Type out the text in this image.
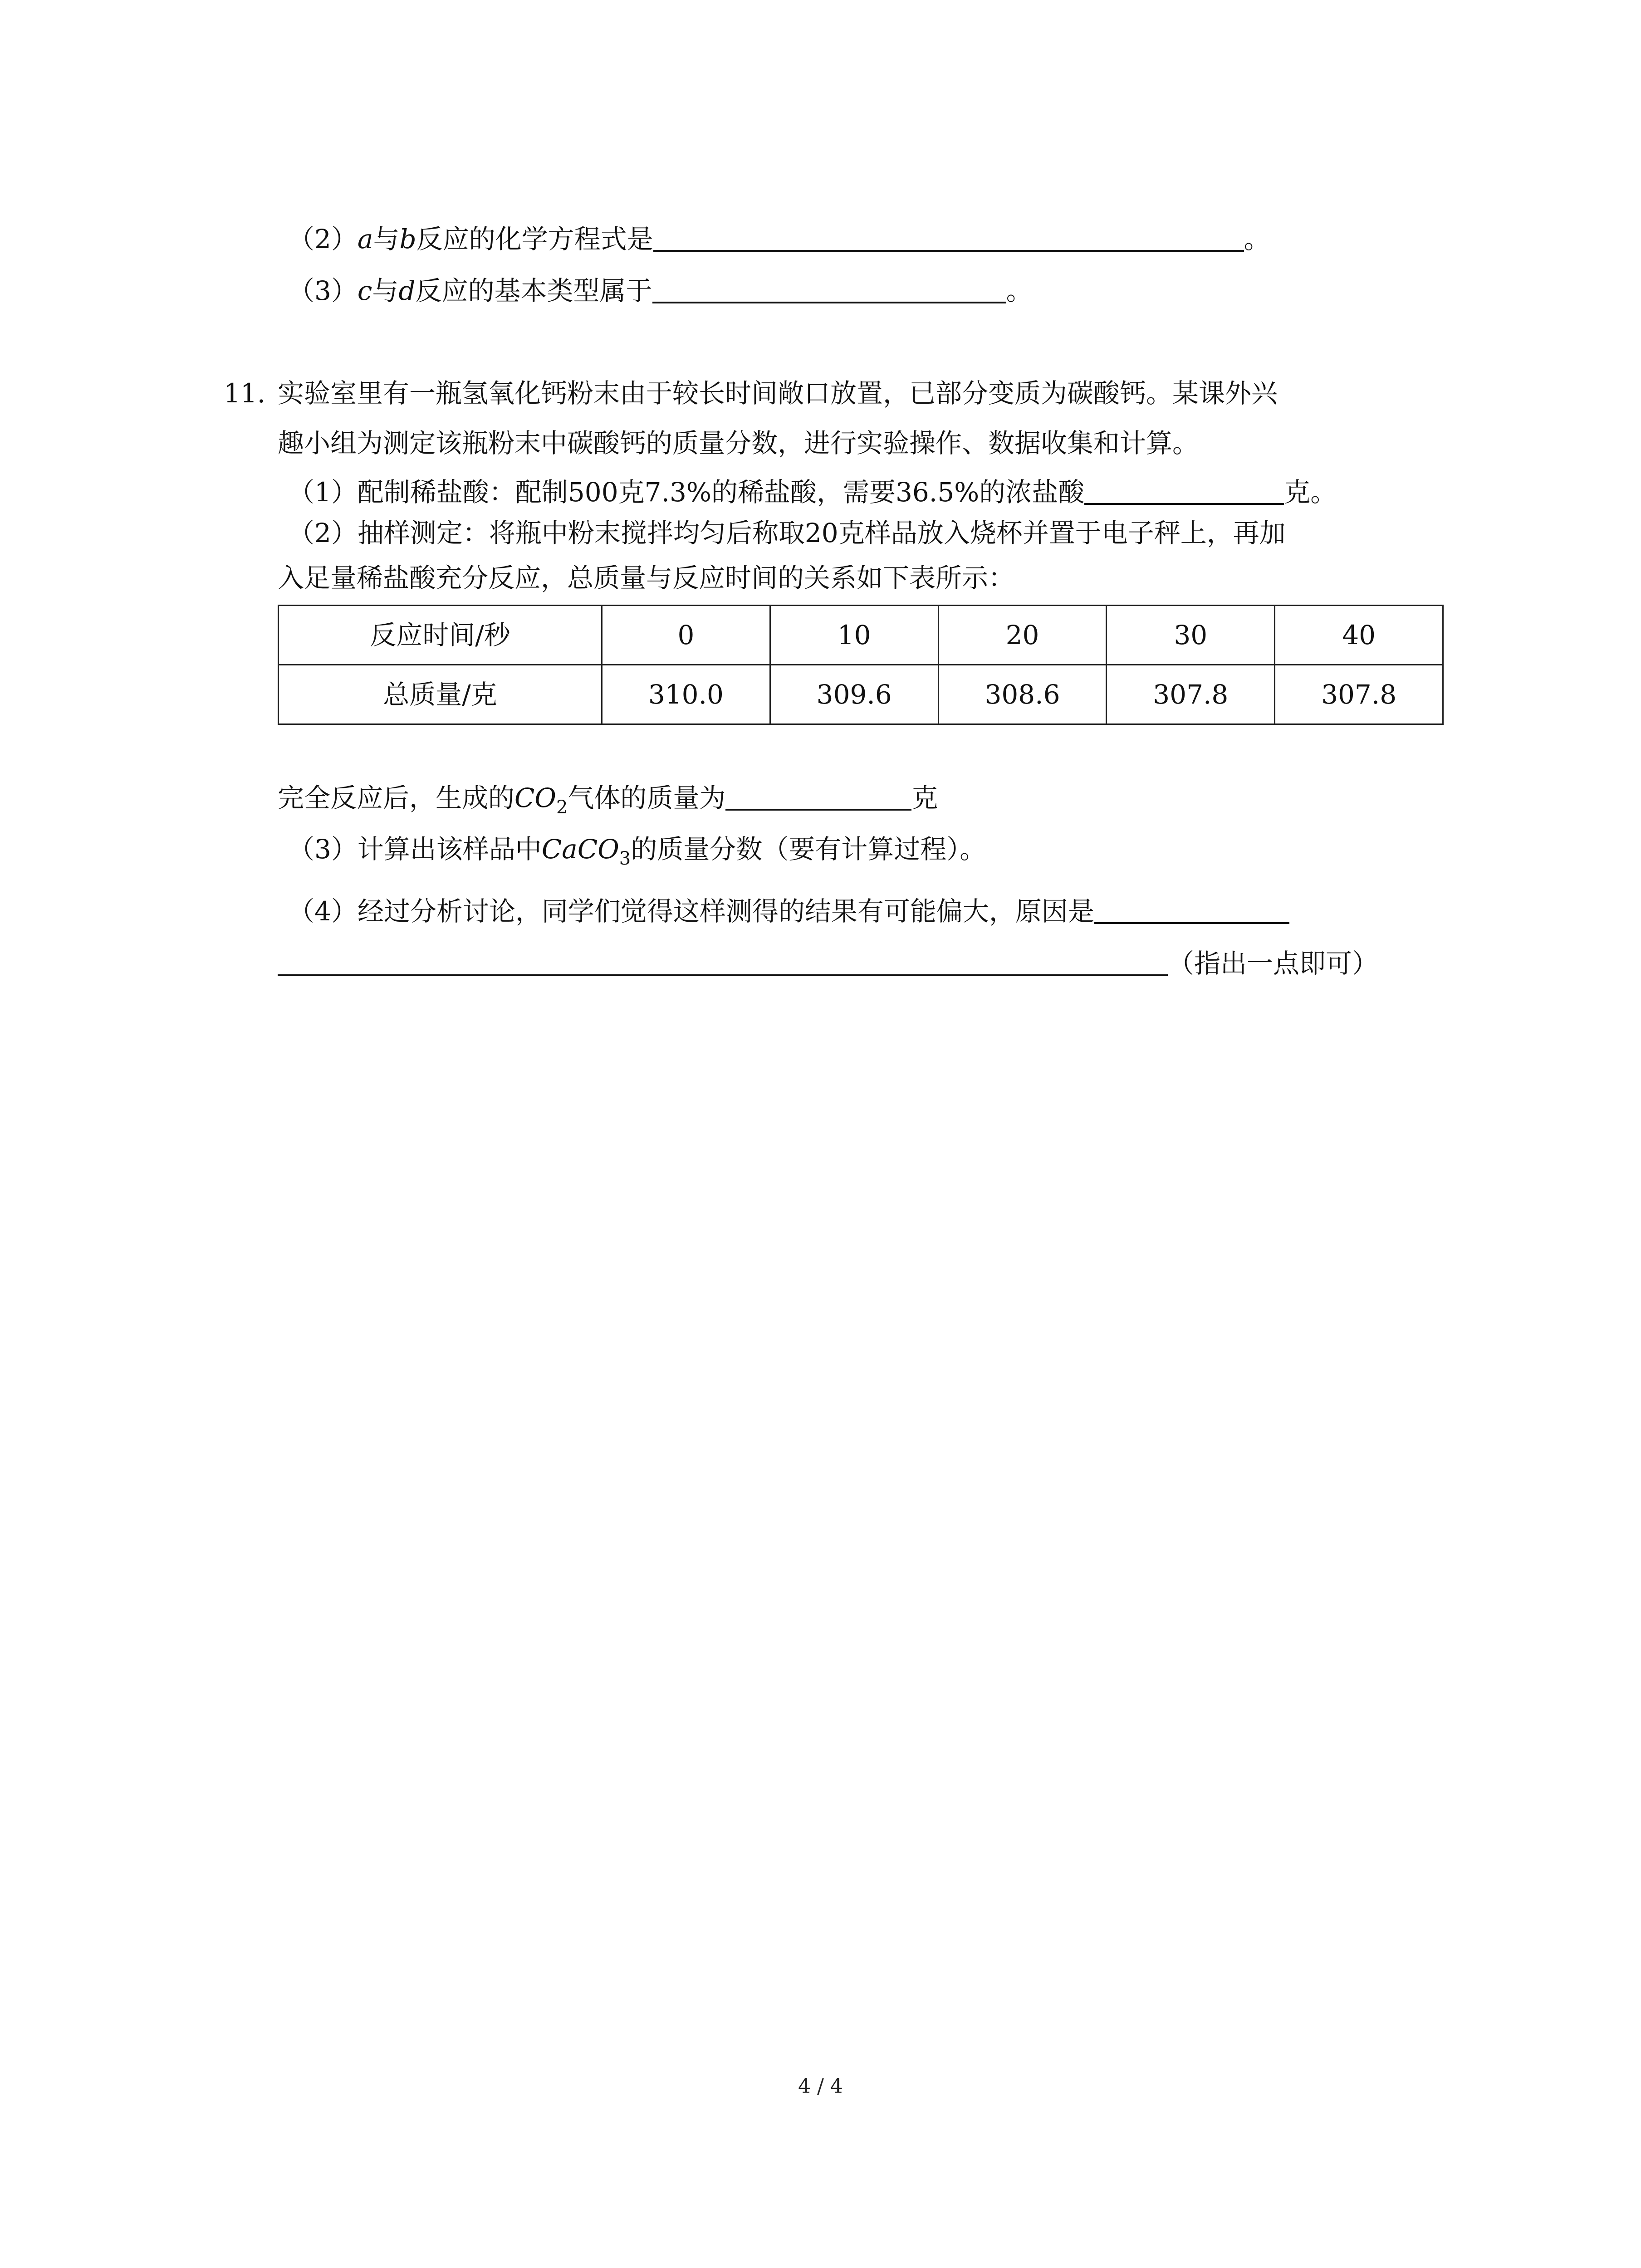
（2）a与b反应的化学方程式是	。
（3）c与d反应的基本类型属于	。
11. 实验室里有一瓶氢氧化钙粉末由于较长时间敞口放置，已部分变质为碳酸钙。某课外兴
趣小组为测定该瓶粉末中碳酸钙的质量分数，进行实验操作、数据收集和计算。
（1）配制稀盐酸：配制500克7.3%的稀盐酸，需要36.5%的浓盐酸	克。
（2）抽样测定：将瓶中粉末搅拌均匀后称取20克样品放入烧杯并置于电子秤上，再加
入足量稀盐酸充分反应，总质量与反应时间的关系如下表所示：
反应时间/秒	0	10	20	30	40
总质量/克	310.0	309.6	308.6	307.8	307.8
完全反应后，生成的$CO_2$气体的质量为	克
（3）计算出该样品中CaCO$_3$的质量分数（要有计算过程）。
（4）经过分析讨论，同学们觉得这样测得的结果有可能偏大，原因是
（指出一点即可）
4 / 4
